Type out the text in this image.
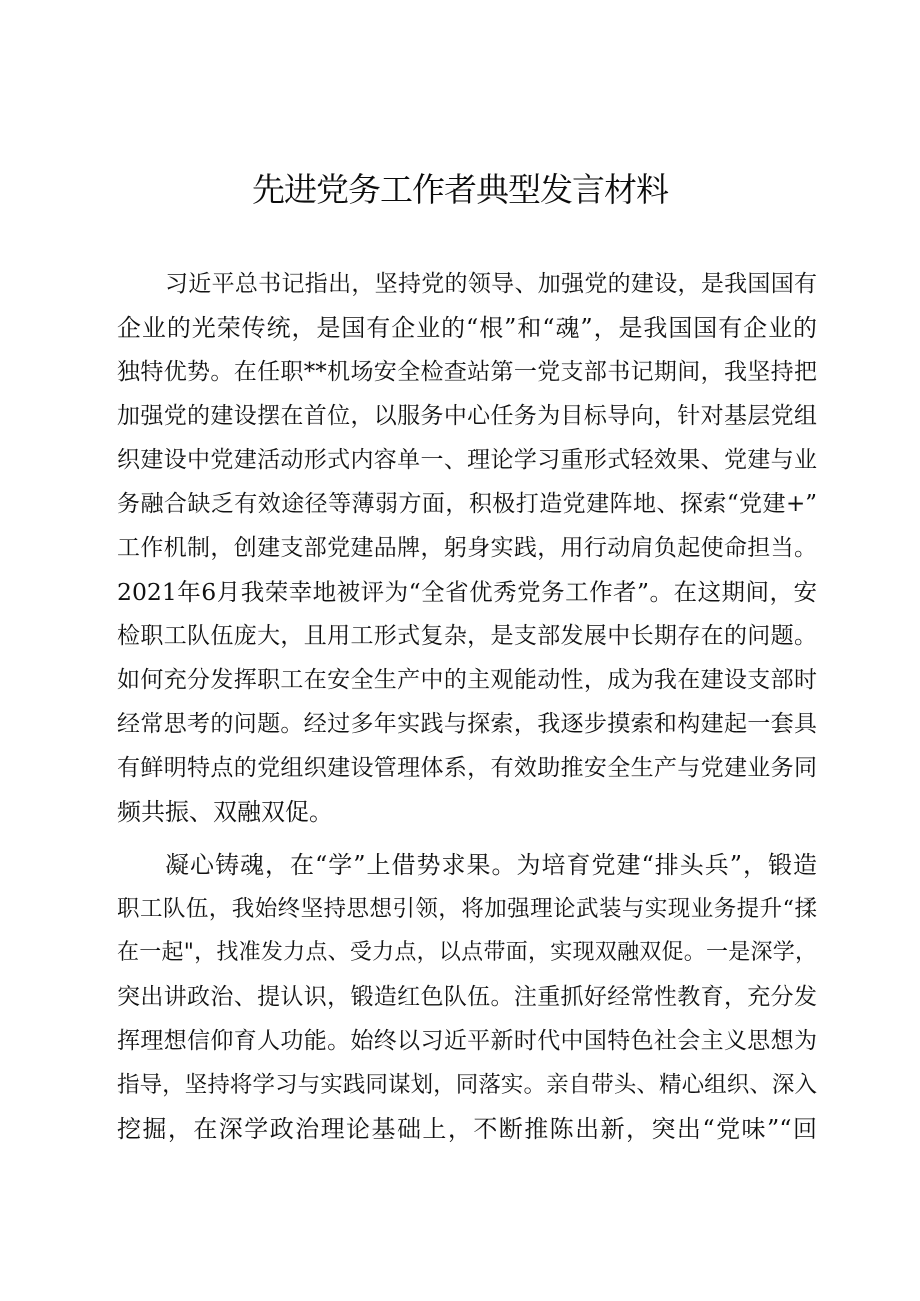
先进党务工作者典型发言材料
习近平总书记指出，坚持党的领导、加强党的建设，是我国国有
企业的光荣传统，是国有企业的“根”和“魂”，是我国国有企业的
独特优势。在任职**机场安全检查站第一党支部书记期间，我坚持把
加强党的建设摆在首位，以服务中心任务为目标导向，针对基层党组
织建设中党建活动形式内容单一、理论学习重形式轻效果、党建与业
务融合缺乏有效途径等薄弱方面，积极打造党建阵地、探索“党建+”
工作机制，创建支部党建品牌，躬身实践，用行动肩负起使命担当。
2021年6月我荣幸地被评为“全省优秀党务工作者”。在这期间，安
检职工队伍庞大，且用工形式复杂，是支部发展中长期存在的问题。
如何充分发挥职工在安全生产中的主观能动性，成为我在建设支部时
经常思考的问题。经过多年实践与探索，我逐步摸索和构建起一套具
有鲜明特点的党组织建设管理体系，有效助推安全生产与党建业务同
频共振、双融双促。
凝心铸魂，在“学”上借势求果。为培育党建“排头兵”，锻造
职工队伍，我始终坚持思想引领，将加强理论武装与实现业务提升“揉
在一起"，找准发力点、受力点，以点带面，实现双融双促。一是深学，
突出讲政治、提认识，锻造红色队伍。注重抓好经常性教育，充分发
挥理想信仰育人功能。始终以习近平新时代中国特色社会主义思想为
指导，坚持将学习与实践同谋划，同落实。亲自带头、精心组织、深入
挖掘，在深学政治理论基础上，不断推陈出新，突出“党味”“回
